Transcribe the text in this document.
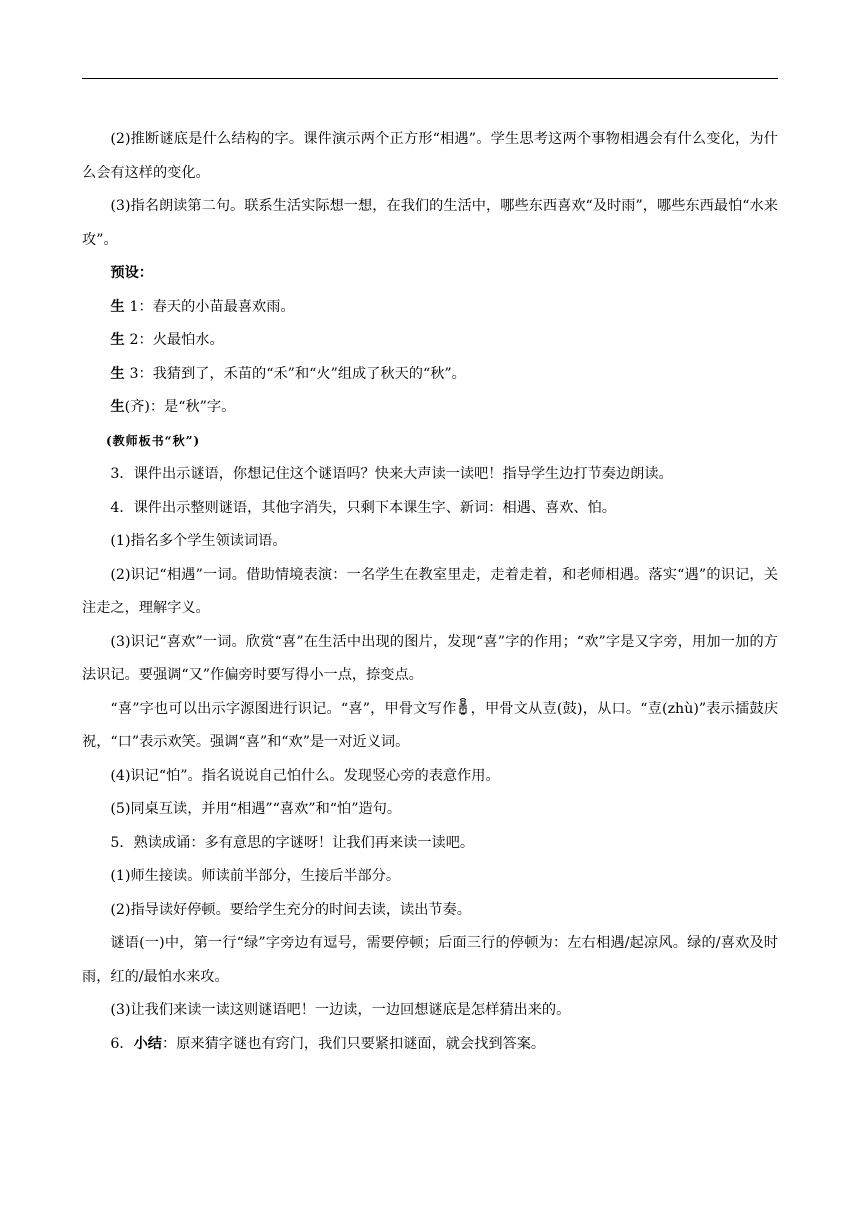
(2)推断谜底是什么结构的字。课件演示两个正方形“相遇”。学生思考这两个事物相遇会有什么变化，为什么会有这样的变化。

(3)指名朗读第二句。联系生活实际想一想，在我们的生活中，哪些东西喜欢“及时雨”，哪些东西最怕“水来攻”。

预设：

生 1：春天的小苗最喜欢雨。

生 2：火最怕水。

生 3：我猜到了，禾苗的“禾”和“火”组成了秋天的“秋”。

生(齐)：是“秋”字。

(教师板书“秋”)

3．课件出示谜语，你想记住这个谜语吗？快来大声读一读吧！指导学生边打节奏边朗读。

4．课件出示整则谜语，其他字消失，只剩下本课生字、新词：相遇、喜欢、怕。

(1)指名多个学生领读词语。

(2)识记“相遇”一词。借助情境表演：一名学生在教室里走，走着走着，和老师相遇。落实“遇”的识记，关注走之，理解字义。

(3)识记“喜欢”一词。欣赏“喜”在生活中出现的图片，发现“喜”字的作用；“欢”字是又字旁，用加一加的方法识记。要强调“又”作偏旁时要写得小一点，捺变点。

“喜”字也可以出示字源图进行识记。“喜”，甲骨文写作 ，甲骨文从壴(鼓)，从口。“壴(zhù)”表示擂鼓庆祝，“口”表示欢笑。强调“喜”和“欢”是一对近义词。

(4)识记“怕”。指名说说自己怕什么。发现竖心旁的表意作用。

(5)同桌互读，并用“相遇”“喜欢”和“怕”造句。

5．熟读成诵：多有意思的字谜呀！让我们再来读一读吧。

(1)师生接读。师读前半部分，生接后半部分。

(2)指导读好停顿。要给学生充分的时间去读，读出节奏。

谜语(一)中，第一行“绿”字旁边有逗号，需要停顿；后面三行的停顿为：左右相遇/起凉风。绿的/喜欢及时雨，红的/最怕水来攻。

(3)让我们来读一读这则谜语吧！一边读，一边回想谜底是怎样猜出来的。

6．小结：原来猜字谜也有窍门，我们只要紧扣谜面，就会找到答案。
